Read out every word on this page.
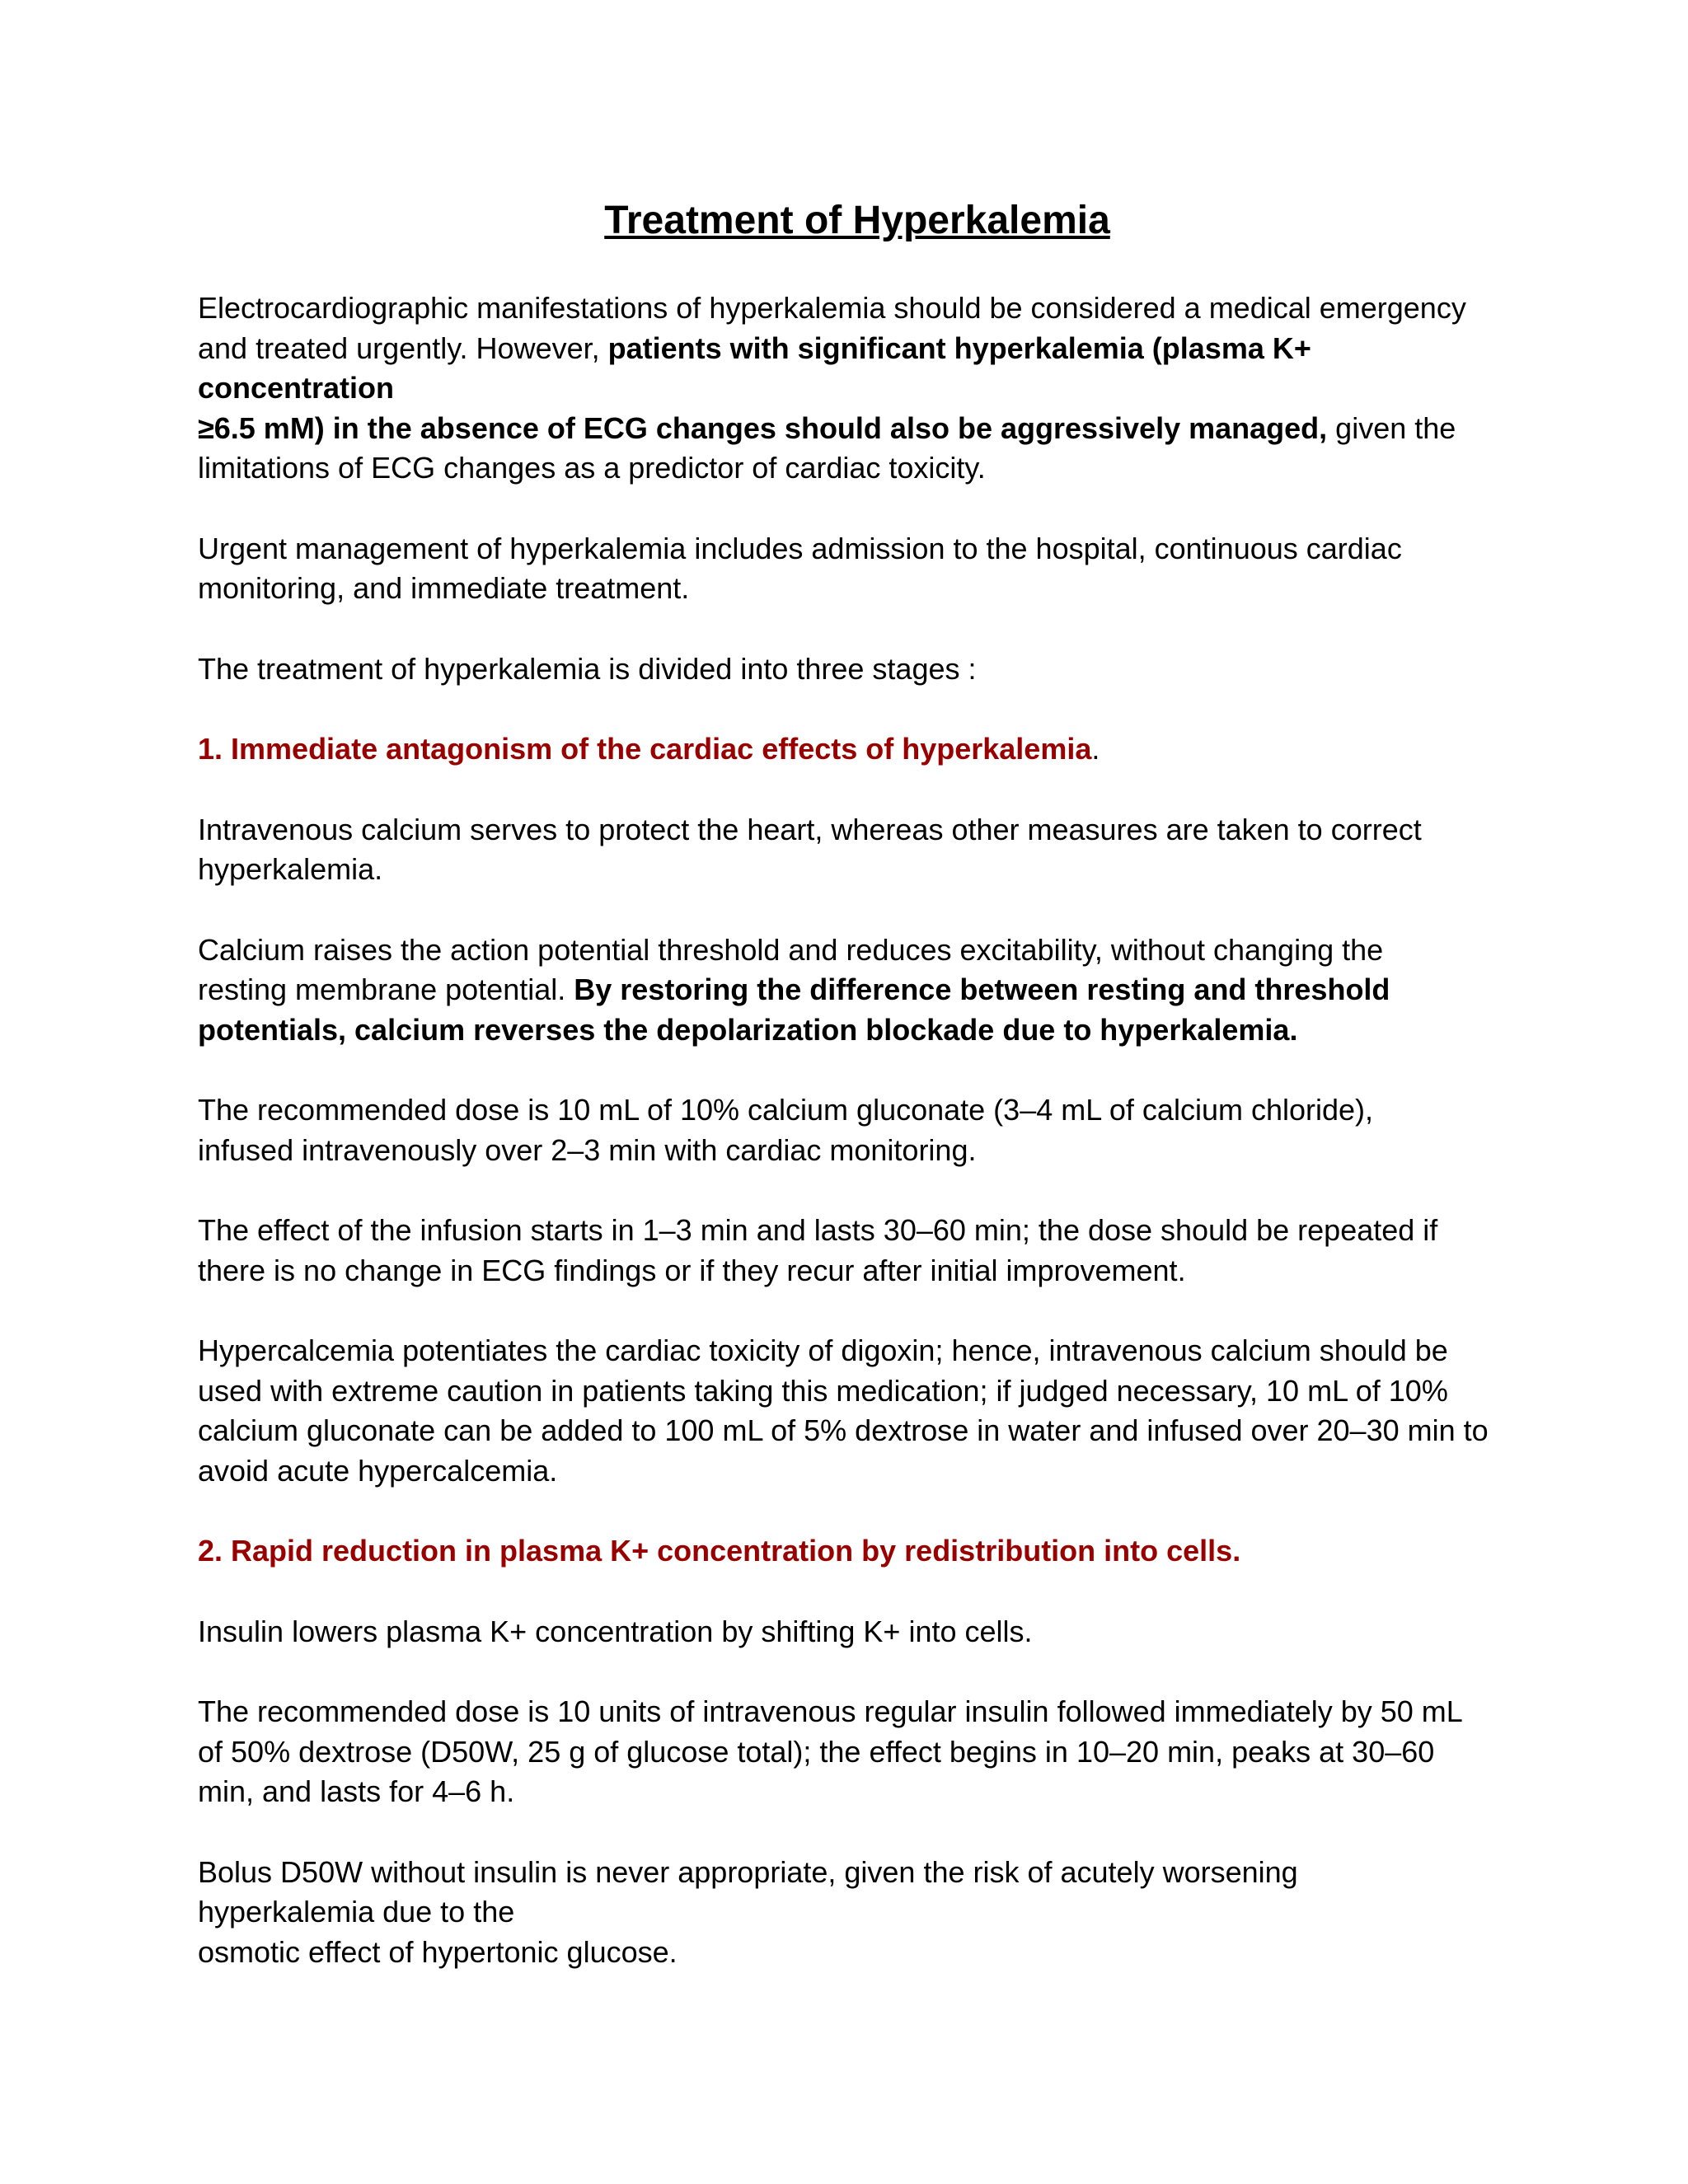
Treatment of Hyperkalemia

Electrocardiographic manifestations of hyperkalemia should be considered a medical emergency and treated urgently. However, patients with significant hyperkalemia (plasma K+ concentration
≥6.5 mM) in the absence of ECG changes should also be aggressively managed, given the limitations of ECG changes as a predictor of cardiac toxicity.

Urgent management of hyperkalemia includes admission to the hospital, continuous cardiac monitoring, and immediate treatment.

The treatment of hyperkalemia is divided into three stages :

1. Immediate antagonism of the cardiac effects of hyperkalemia.

Intravenous calcium serves to protect the heart, whereas other measures are taken to correct hyperkalemia.

Calcium raises the action potential threshold and reduces excitability, without changing the resting membrane potential. By restoring the difference between resting and threshold potentials, calcium reverses the depolarization blockade due to hyperkalemia.

The recommended dose is 10 mL of 10% calcium gluconate (3–4 mL of calcium chloride), infused intravenously over 2–3 min with cardiac monitoring.

The effect of the infusion starts in 1–3 min and lasts 30–60 min; the dose should be repeated if there is no change in ECG findings or if they recur after initial improvement.

Hypercalcemia potentiates the cardiac toxicity of digoxin; hence, intravenous calcium should be used with extreme caution in patients taking this medication; if judged necessary, 10 mL of 10% calcium gluconate can be added to 100 mL of 5% dextrose in water and infused over 20–30 min to avoid acute hypercalcemia.

2. Rapid reduction in plasma K+ concentration by redistribution into cells.

Insulin lowers plasma K+ concentration by shifting K+ into cells.

The recommended dose is 10 units of intravenous regular insulin followed immediately by 50 mL of 50% dextrose (D50W, 25 g of glucose total); the effect begins in 10–20 min, peaks at 30–60 min, and lasts for 4–6 h.

Bolus D50W without insulin is never appropriate, given the risk of acutely worsening hyperkalemia due to the
osmotic effect of hypertonic glucose.
